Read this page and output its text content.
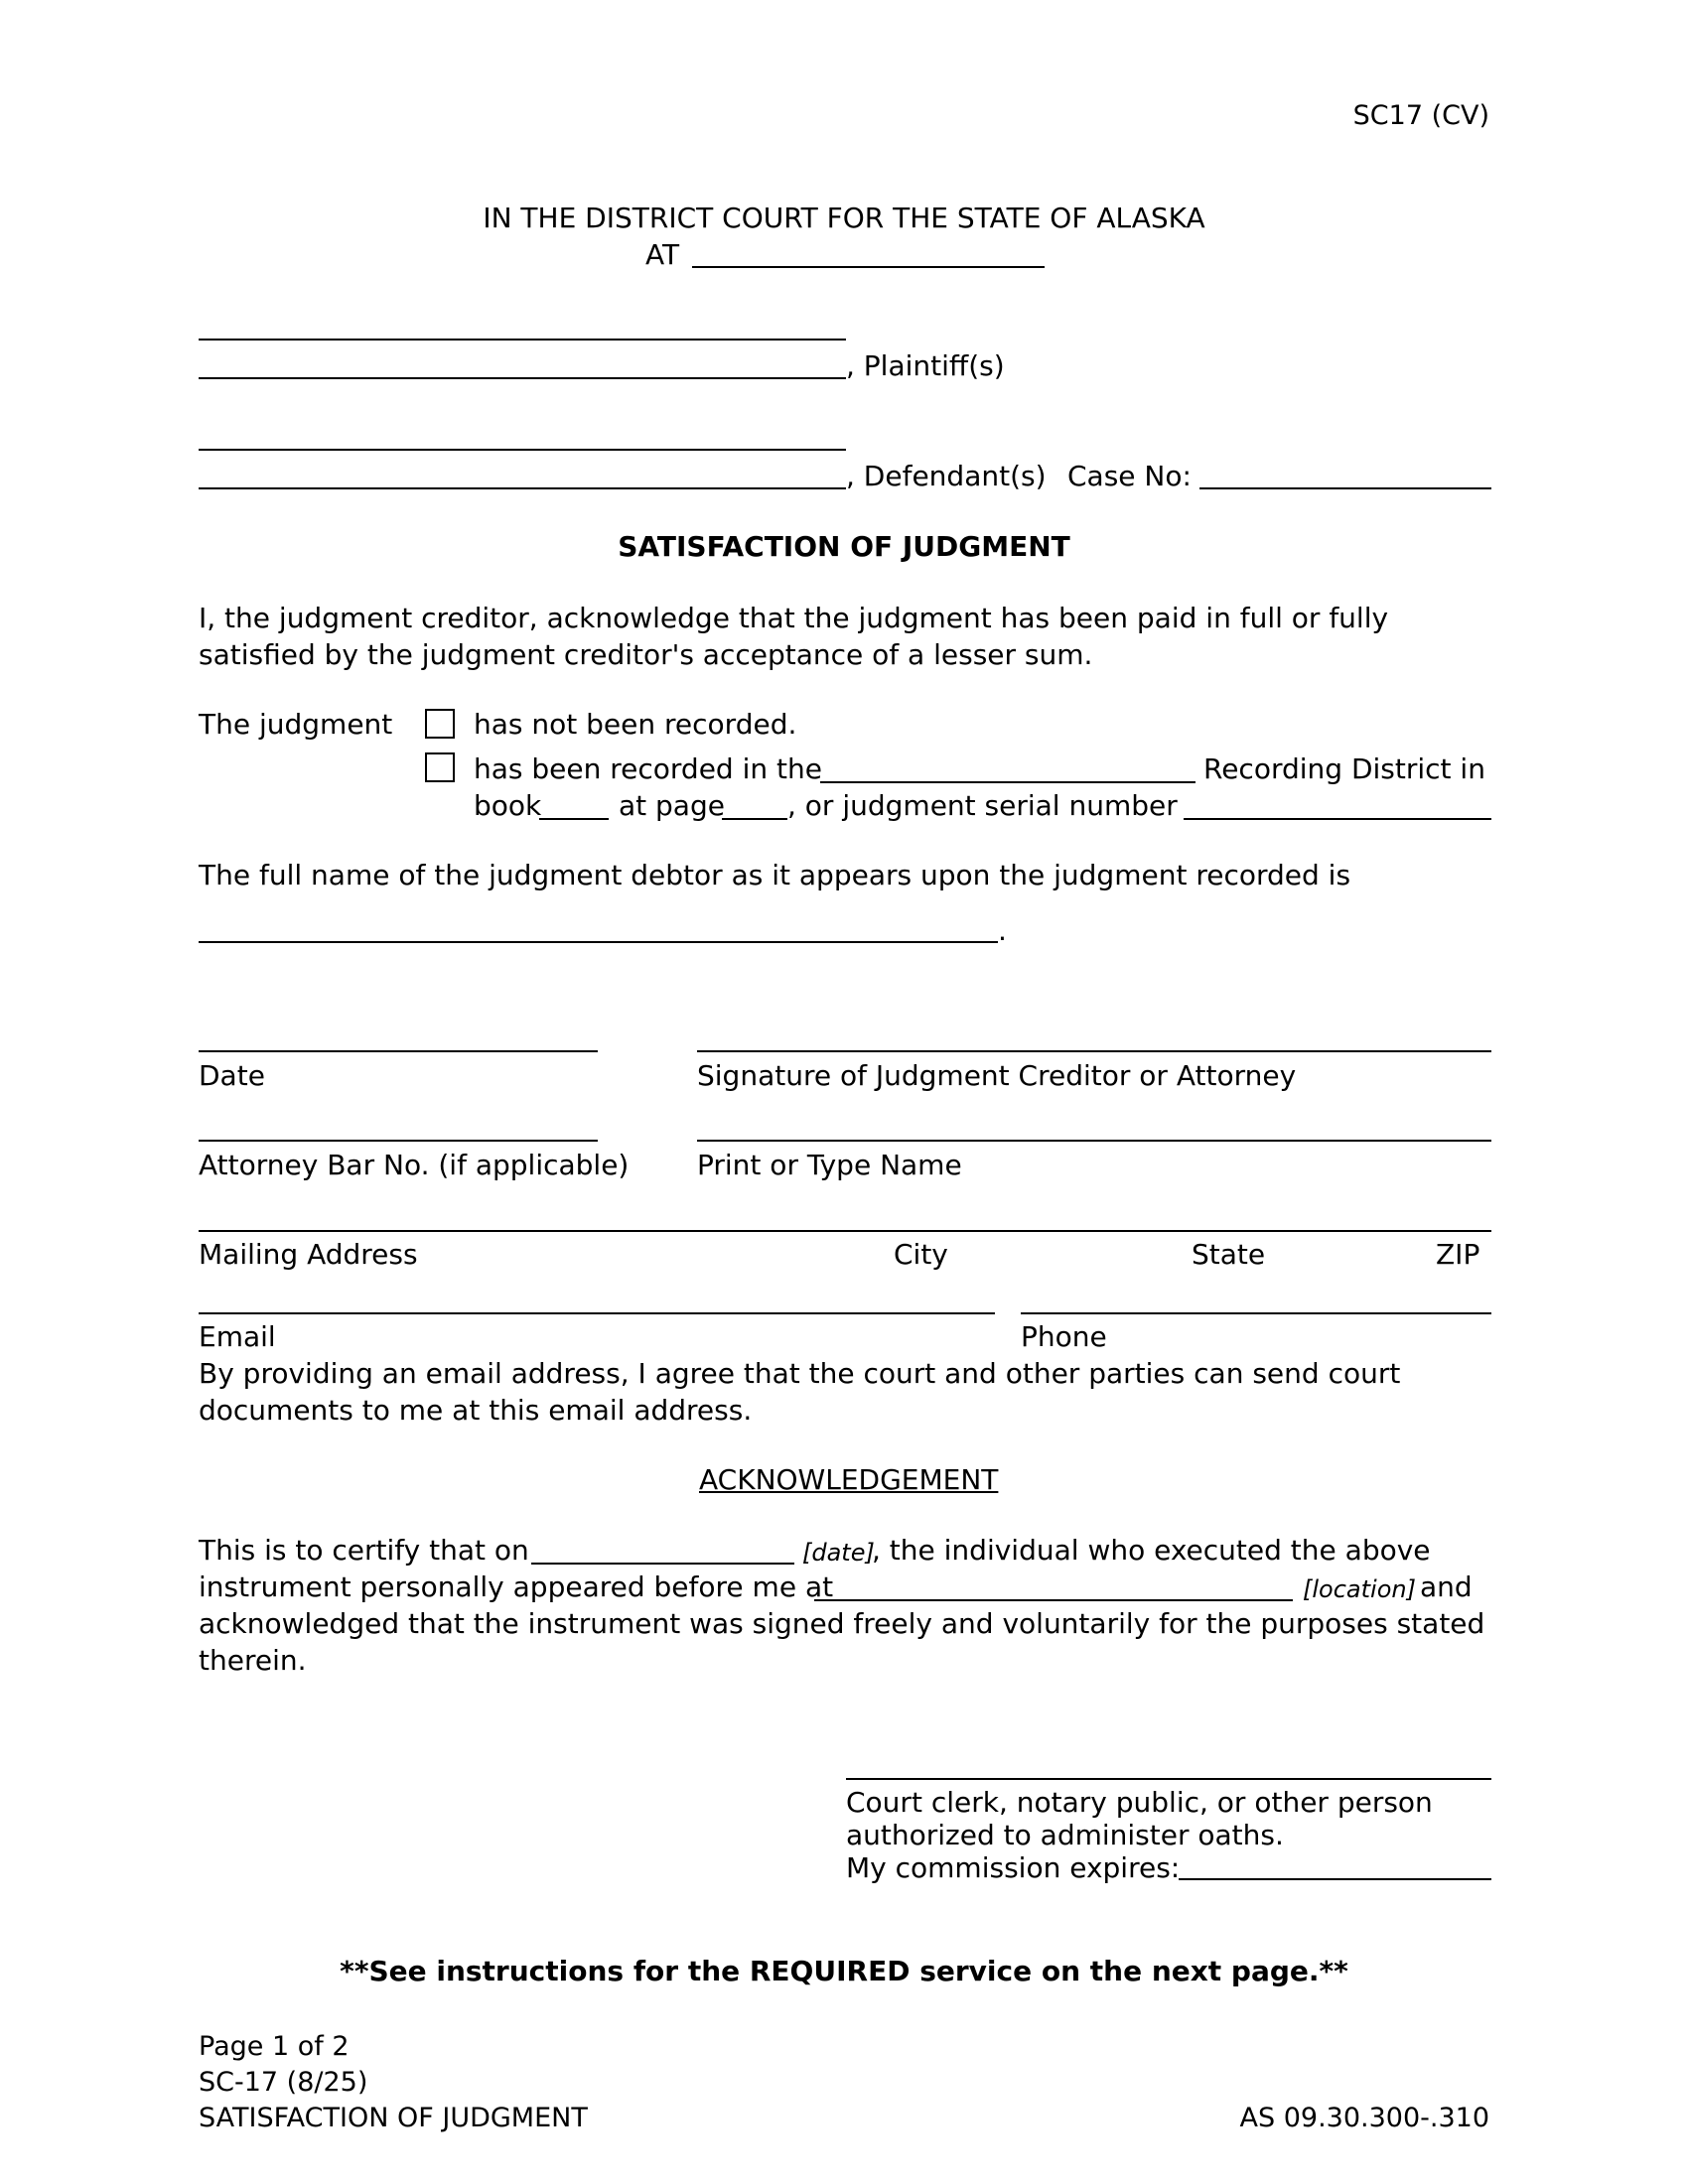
SC17 (CV)
IN THE DISTRICT COURT FOR THE STATE OF ALASKA
AT
, Plaintiff(s)
, Defendant(s) Case No:
SATISFACTION OF JUDGMENT
I, the judgment creditor, acknowledge that the judgment has been paid in full or fully satisfied by the judgment creditor's acceptance of a lesser sum.
The judgment	has not been recorded.
has been recorded in the	Recording District in
book	at page , or judgment serial number
The full name of the judgment debtor as it appears upon the judgment recorded is
.
Date	Signature of Judgment Creditor or Attorney
Attorney Bar No. (if applicable) Print or Type Name
Mailing Address	City	State	ZIP
Email	Phone
By providing an email address, I agree that the court and other parties can send court
documents to me at this email address.
ACKNOWLEDGEMENT
This is to certify that on	[date]
, the individual who executed the above
instrument personally appeared before me at	[location] and
acknowledged that the instrument was signed freely and voluntarily for the purposes stated
therein.
Court clerk, notary public, or other person
authorized to administer oaths.
My commission expires:
**See instructions for the REQUIRED service on the next page.**
Page 1 of 2
SC-17 (8/25)
SATISFACTION OF JUDGMENT	AS 09.30.300-.310
